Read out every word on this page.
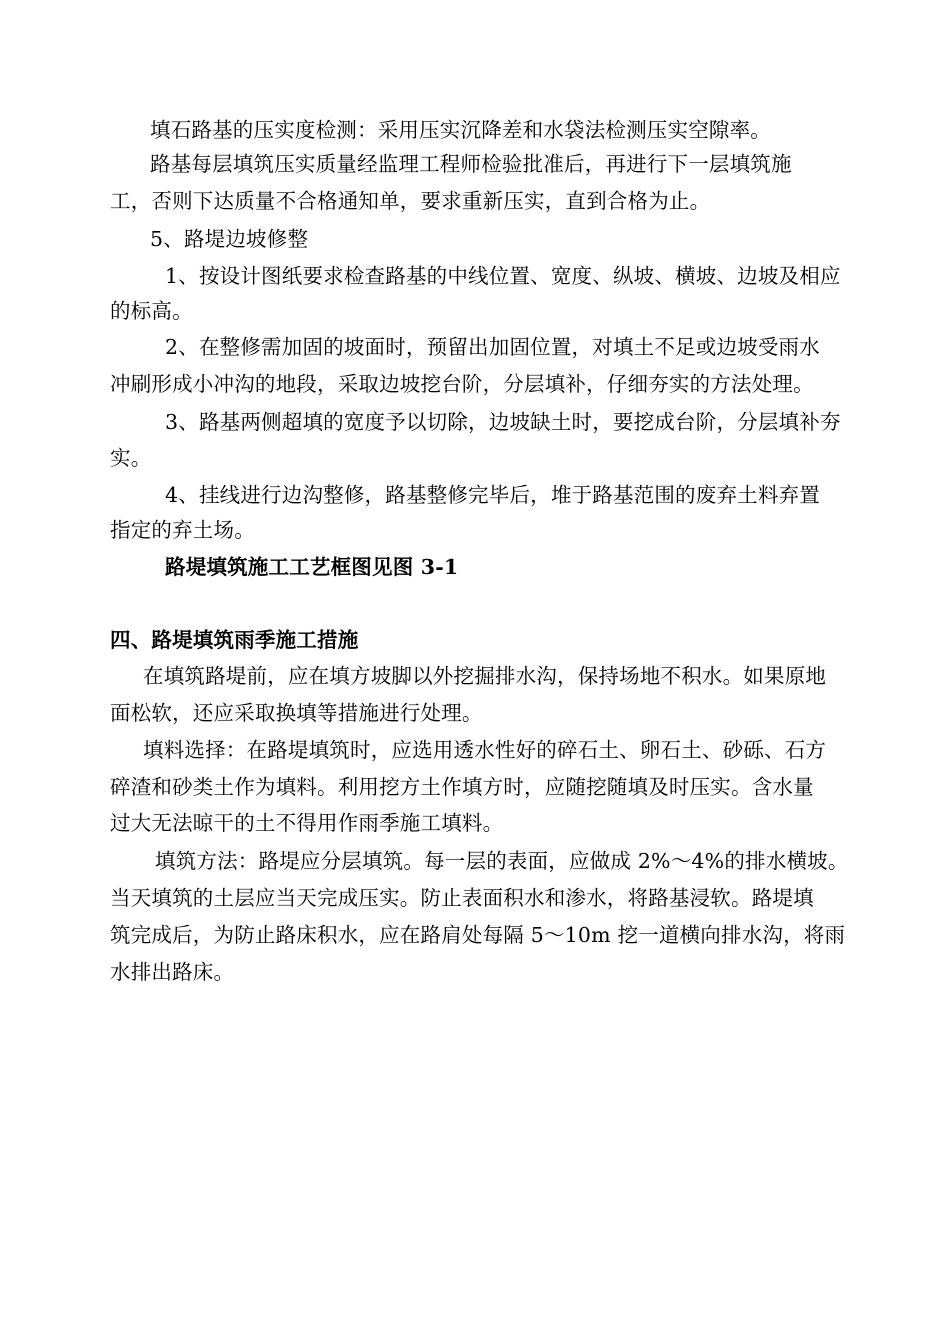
填石路基的压实度检测：采用压实沉降差和水袋法检测压实空隙率。
路基每层填筑压实质量经监理工程师检验批准后，再进行下一层填筑施
工，否则下达质量不合格通知单，要求重新压实，直到合格为止。
5、路堤边坡修整
1、按设计图纸要求检查路基的中线位置、宽度、纵坡、横坡、边坡及相应
的标高。
2、在整修需加固的坡面时，预留出加固位置，对填土不足或边坡受雨水
冲刷形成小冲沟的地段，采取边坡挖台阶，分层填补，仔细夯实的方法处理。
3、路基两侧超填的宽度予以切除，边坡缺土时，要挖成台阶，分层填补夯
实。
4、挂线进行边沟整修，路基整修完毕后，堆于路基范围的废弃土料弃置
指定的弃土场。
路堤填筑施工工艺框图见图 3-1
四、路堤填筑雨季施工措施
在填筑路堤前，应在填方坡脚以外挖掘排水沟，保持场地不积水。如果原地
面松软，还应采取换填等措施进行处理。
填料选择：在路堤填筑时，应选用透水性好的碎石土、卵石土、砂砾、石方
碎渣和砂类土作为填料。利用挖方土作填方时，应随挖随填及时压实。含水量
过大无法晾干的土不得用作雨季施工填料。
填筑方法：路堤应分层填筑。每一层的表面，应做成 2%～4%的排水横坡。
当天填筑的土层应当天完成压实。防止表面积水和渗水，将路基浸软。路堤填
筑完成后，为防止路床积水，应在路肩处每隔 5～10m 挖一道横向排水沟，将雨
水排出路床。
